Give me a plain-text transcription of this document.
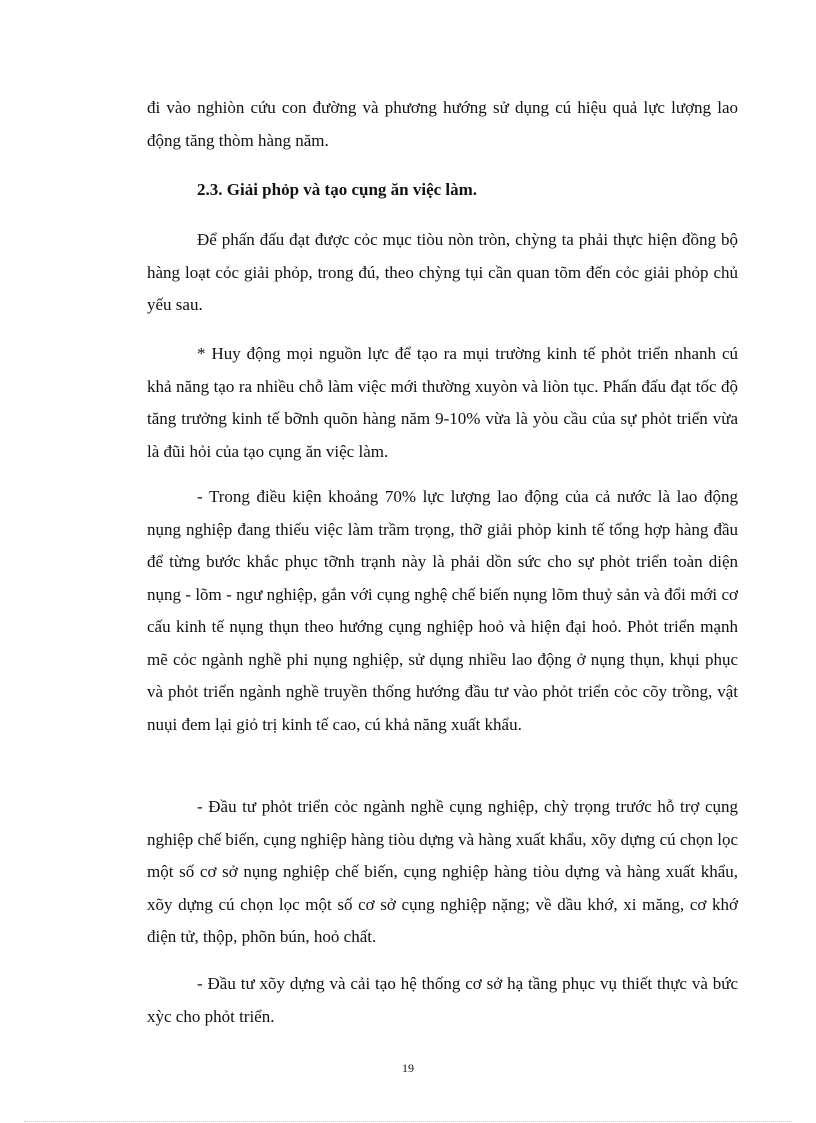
đi vào nghiòn cứu con đường và phương hướng sử dụng cú hiệu quả lực lượng lao động tăng thòm hàng năm.

2.3. Giải phỏp và tạo cụng ăn việc làm.

Để phấn đấu đạt được cỏc mục tiòu nòn tròn, chỳng ta phải thực hiện đồng bộ hàng loạt cỏc giải phỏp, trong đú, theo chỳng tụi cần quan tõm đến cỏc giải phỏp chủ yếu sau.

* Huy động mọi nguồn lực để tạo ra mụi trường kinh tế phỏt triển nhanh cú khả năng tạo ra nhiều chỗ làm việc mới thường xuyòn và liòn tục. Phấn đấu đạt tốc độ tăng trưởng kinh tế bỡnh quõn hàng năm 9-10% vừa là yòu cầu của sự phỏt triển vừa là đũi hỏi của tạo cụng ăn việc làm.

- Trong điều kiện khoảng 70% lực lượng lao động của cả nước là lao động nụng nghiệp đang thiếu việc làm trầm trọng, thỡ giải phỏp kinh tế tổng hợp hàng đầu để từng bước khắc phục tỡnh trạnh này là phải dồn sức cho sự phỏt triển toàn diện nụng - lõm - ngư nghiệp, gắn với cụng nghệ chế biến nụng lõm thuỷ sản và đổi mới cơ cấu kinh tế nụng thụn theo hướng cụng nghiệp hoỏ và hiện đại hoỏ. Phỏt triển mạnh mẽ cỏc ngành nghề phi nụng nghiệp, sử dụng nhiều lao động ở nụng thụn, khụi phục và phỏt triển ngành nghề truyền thống hướng đầu tư vào phỏt triển cỏc cõy trồng, vật nuụi đem lại giỏ trị kinh tế cao, cú khả năng xuất khẩu.

- Đầu tư phỏt triển cỏc ngành nghề cụng nghiệp, chỳ trọng trước hỗ trợ cụng nghiệp chế biến, cụng nghiệp hàng tiòu dựng và hàng xuất khẩu, xõy dựng cú chọn lọc một số cơ sở nụng nghiệp chế biến, cụng nghiệp hàng tiòu dựng và hàng xuất khẩu, xõy dựng cú chọn lọc một số cơ sở cụng nghiệp nặng; về dầu khớ, xi măng, cơ khớ điện tử, thộp, phõn bún, hoỏ chất.

- Đầu tư xõy dựng và cải tạo hệ thống cơ sở hạ tầng phục vụ thiết thực và bức xỳc cho phỏt triển.

19
